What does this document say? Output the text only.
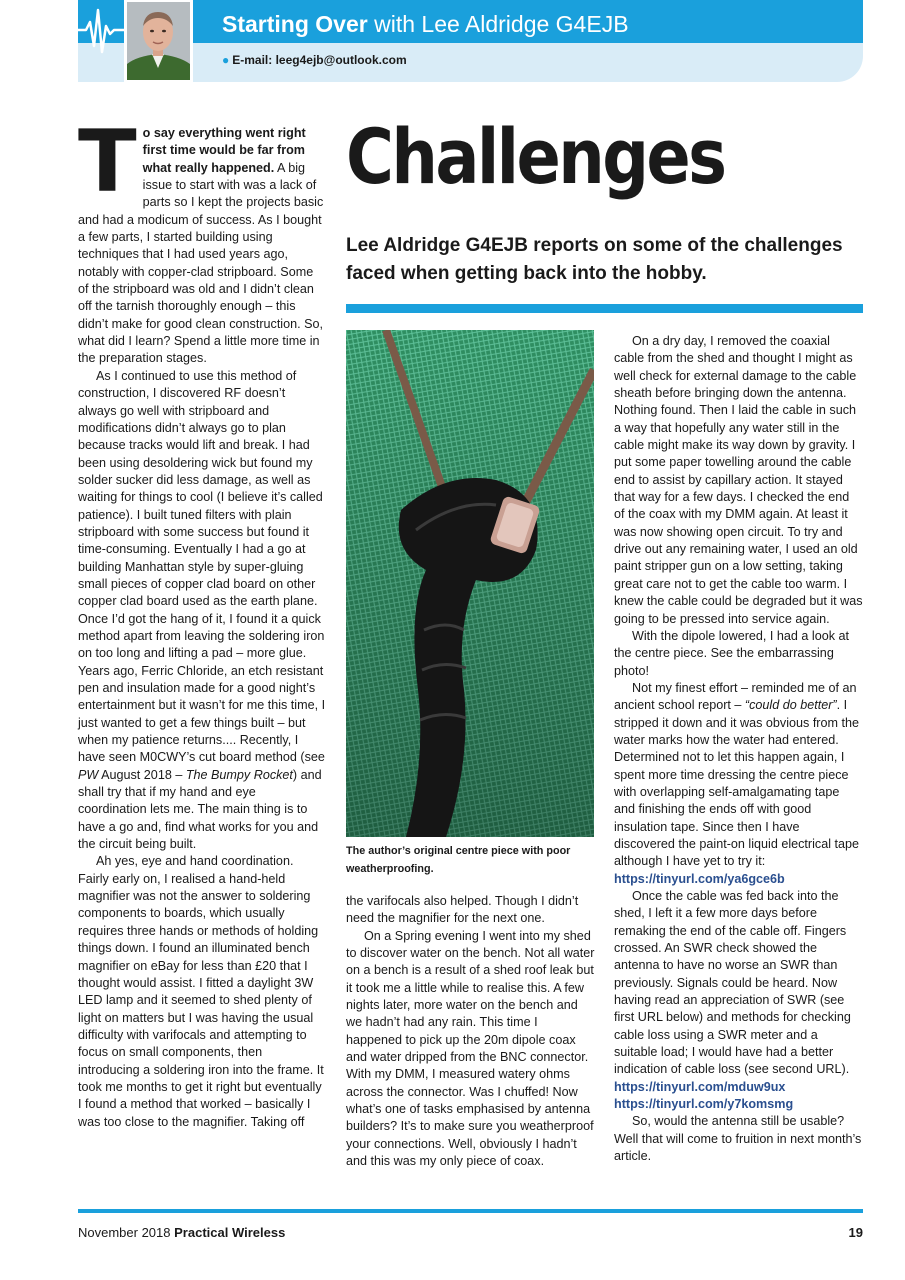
Starting Over with Lee Aldridge G4EJB
● E-mail: leeg4ejb@outlook.com
Challenges

Lee Aldridge G4EJB reports on some of the challenges faced when getting back into the hobby.

To say everything went right first time would be far from what really happened. A big issue to start with was a lack of parts so I kept the projects basic and had a modicum of success. As I bought a few parts, I started building using techniques that I had used years ago, notably with copper-clad stripboard. Some of the stripboard was old and I didn’t clean off the tarnish thoroughly enough – this didn’t make for good clean construction. So, what did I learn? Spend a little more time in the preparation stages.

As I continued to use this method of construction, I discovered RF doesn’t always go well with stripboard and modifications didn’t always go to plan because tracks would lift and break. I had been using desoldering wick but found my solder sucker did less damage, as well as waiting for things to cool (I believe it’s called patience). I built tuned filters with plain stripboard with some success but found it time-consuming. Eventually I had a go at building Manhattan style by super-gluing small pieces of copper clad board on other copper clad board used as the earth plane. Once I’d got the hang of it, I found it a quick method apart from leaving the soldering iron on too long and lifting a pad – more glue. Years ago, Ferric Chloride, an etch resistant pen and insulation made for a good night’s entertainment but it wasn’t for me this time, I just wanted to get a few things built – but when my patience returns.... Recently, I have seen M0CWY’s cut board method (see PW August 2018 – The Bumpy Rocket) and shall try that if my hand and eye coordination lets me. The main thing is to have a go and, find what works for you and the circuit being built.

Ah yes, eye and hand coordination. Fairly early on, I realised a hand-held magnifier was not the answer to soldering components to boards, which usually requires three hands or methods of holding things down. I found an illuminated bench magnifier on eBay for less than £20 that I thought would assist. I fitted a daylight 3W LED lamp and it seemed to shed plenty of light on matters but I was having the usual difficulty with varifocals and attempting to focus on small components, then introducing a soldering iron into the frame. It took me months to get it right but eventually I found a method that worked – basically I was too close to the magnifier. Taking off

The author’s original centre piece with poor weatherproofing.

the varifocals also helped. Though I didn’t need the magnifier for the next one.

On a Spring evening I went into my shed to discover water on the bench. Not all water on a bench is a result of a shed roof leak but it took me a little while to realise this. A few nights later, more water on the bench and we hadn’t had any rain. This time I happened to pick up the 20m dipole coax and water dripped from the BNC connector. With my DMM, I measured watery ohms across the connector. Was I chuffed! Now what’s one of tasks emphasised by antenna builders? It’s to make sure you weatherproof your connections. Well, obviously I hadn’t and this was my only piece of coax.

On a dry day, I removed the coaxial cable from the shed and thought I might as well check for external damage to the cable sheath before bringing down the antenna. Nothing found. Then I laid the cable in such a way that hopefully any water still in the cable might make its way down by gravity. I put some paper towelling around the cable end to assist by capillary action. It stayed that way for a few days. I checked the end of the coax with my DMM again. At least it was now showing open circuit. To try and drive out any remaining water, I used an old paint stripper gun on a low setting, taking great care not to get the cable too warm. I knew the cable could be degraded but it was going to be pressed into service again.

With the dipole lowered, I had a look at the centre piece. See the embarrassing photo!

Not my finest effort – reminded me of an ancient school report – “could do better”. I stripped it down and it was obvious from the water marks how the water had entered. Determined not to let this happen again, I spent more time dressing the centre piece with overlapping self-amalgamating tape and finishing the ends off with good insulation tape. Since then I have discovered the paint-on liquid electrical tape although I have yet to try it:

https://tinyurl.com/ya6gce6b

Once the cable was fed back into the shed, I left it a few more days before remaking the end of the cable off. Fingers crossed. An SWR check showed the antenna to have no worse an SWR than previously. Signals could be heard. Now having read an appreciation of SWR (see first URL below) and methods for checking cable loss using a SWR meter and a suitable load; I would have had a better indication of cable loss (see second URL).

https://tinyurl.com/mduw9ux
https://tinyurl.com/y7komsmg

So, would the antenna still be usable? Well that will come to fruition in next month’s article.

November 2018 Practical Wireless	19
